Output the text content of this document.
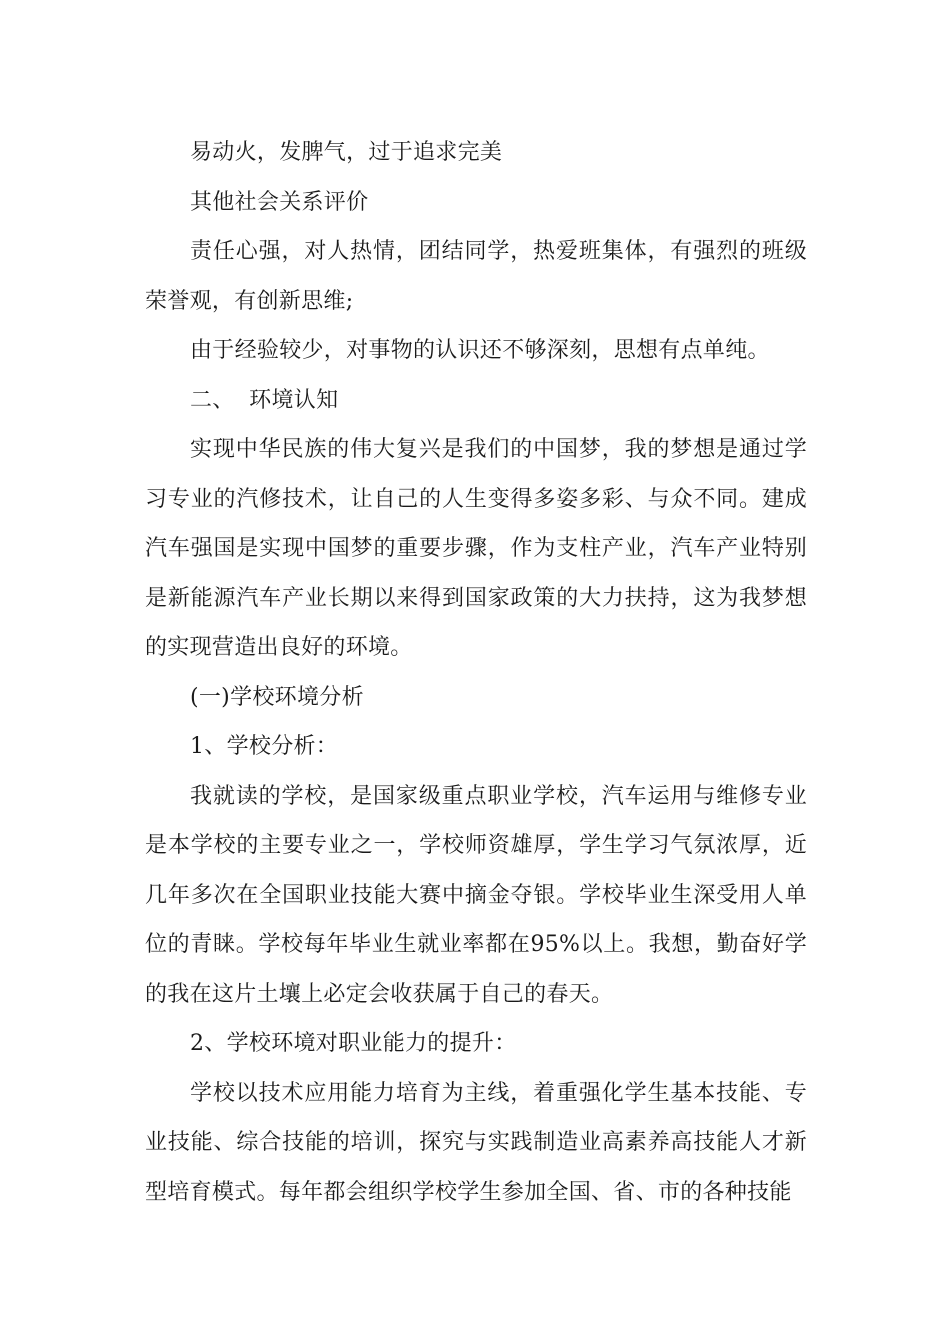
易动火，发脾气，过于追求完美

其他社会关系评价

责任心强，对人热情，团结同学，热爱班集体，有强烈的班级荣誉观，有创新思维;

由于经验较少，对事物的认识还不够深刻，思想有点单纯。

二、  环境认知

实现中华民族的伟大复兴是我们的中国梦，我的梦想是通过学习专业的汽修技术，让自己的人生变得多姿多彩、与众不同。建成汽车强国是实现中国梦的重要步骤，作为支柱产业，汽车产业特别是新能源汽车产业长期以来得到国家政策的大力扶持，这为我梦想的实现营造出良好的环境。

(一)学校环境分析

1、学校分析：

我就读的学校，是国家级重点职业学校，汽车运用与维修专业是本学校的主要专业之一，学校师资雄厚，学生学习气氛浓厚，近几年多次在全国职业技能大赛中摘金夺银。学校毕业生深受用人单位的青睐。学校每年毕业生就业率都在95%以上。我想，勤奋好学的我在这片土壤上必定会收获属于自己的春天。

2、学校环境对职业能力的提升：

学校以技术应用能力培育为主线，着重强化学生基本技能、专业技能、综合技能的培训，探究与实践制造业高素养高技能人才新型培育模式。每年都会组织学校学生参加全国、省、市的各种技能
